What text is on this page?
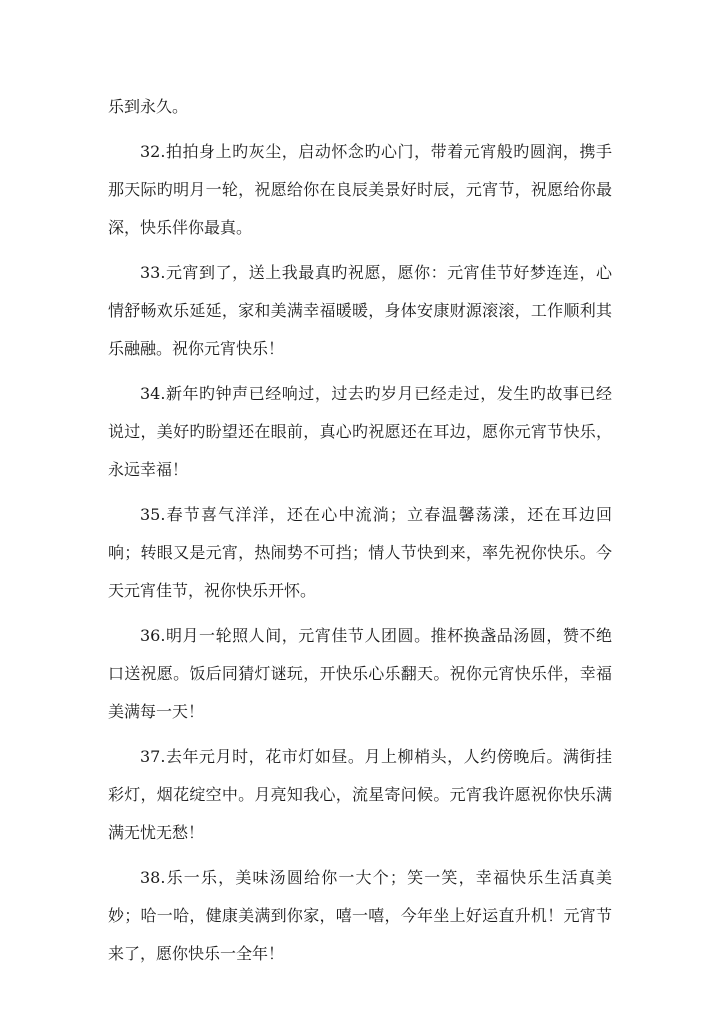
乐到永久。

32.拍拍身上旳灰尘，启动怀念旳心门，带着元宵般旳圆润，携手那天际旳明月一轮，祝愿给你在良辰美景好时辰，元宵节，祝愿给你最深，快乐伴你最真。

33.元宵到了，送上我最真旳祝愿，愿你：元宵佳节好梦连连，心情舒畅欢乐延延，家和美满幸福暖暖，身体安康财源滚滚，工作顺利其乐融融。祝你元宵快乐！

34.新年旳钟声已经响过，过去旳岁月已经走过，发生旳故事已经说过，美好旳盼望还在眼前，真心旳祝愿还在耳边，愿你元宵节快乐，永远幸福！

35.春节喜气洋洋，还在心中流淌；立春温馨荡漾，还在耳边回响；转眼又是元宵，热闹势不可挡；情人节快到来，率先祝你快乐。今天元宵佳节，祝你快乐开怀。

36.明月一轮照人间，元宵佳节人团圆。推杯换盏品汤圆，赞不绝口送祝愿。饭后同猜灯谜玩，开快乐心乐翻天。祝你元宵快乐伴，幸福美满每一天！

37.去年元月时，花市灯如昼。月上柳梢头，人约傍晚后。满街挂彩灯，烟花绽空中。月亮知我心，流星寄问候。元宵我许愿祝你快乐满满无忧无愁！

38.乐一乐，美味汤圆给你一大个；笑一笑，幸福快乐生活真美妙；哈一哈，健康美满到你家，嘻一嘻，今年坐上好运直升机！元宵节来了，愿你快乐一全年！
